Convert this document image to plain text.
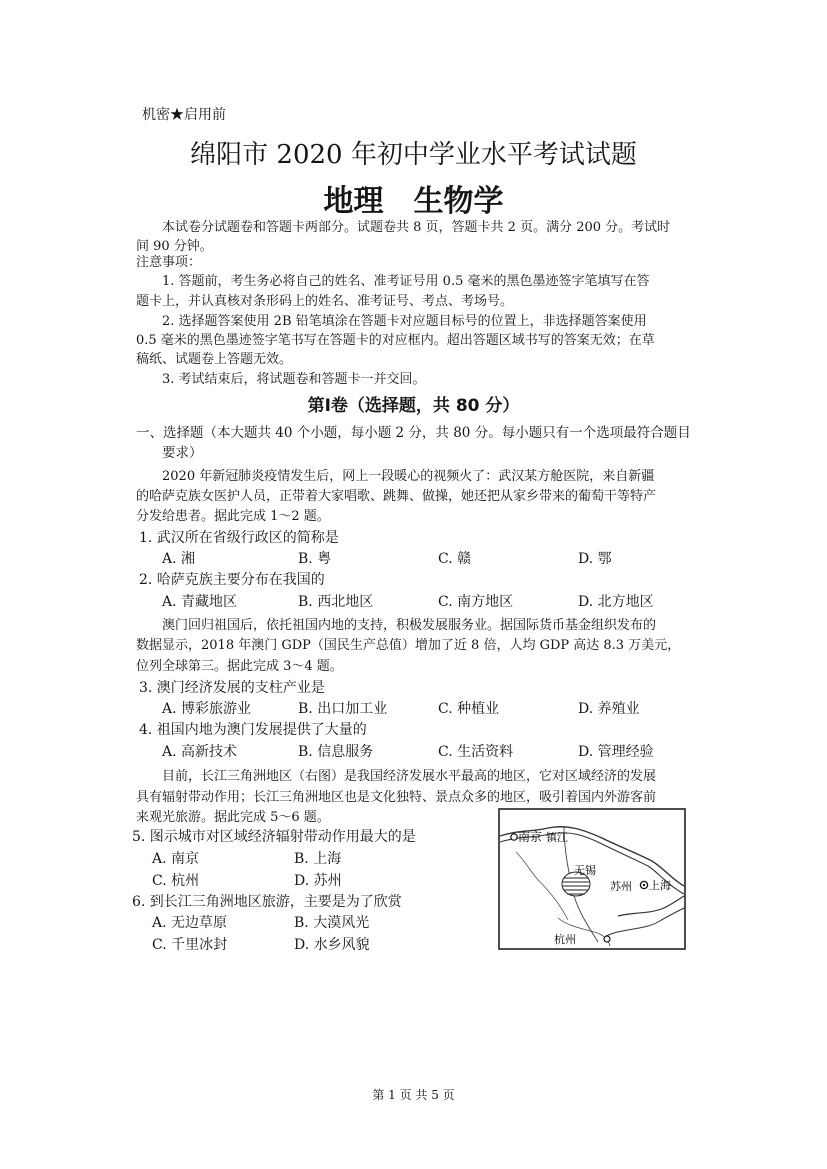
机密★启用前
绵阳市 2020 年初中学业水平考试试题
地理　生物学
本试卷分试题卷和答题卡两部分。试题卷共 8 页，答题卡共 2 页。满分 200 分。考试时
间 90 分钟。
注意事项：
1. 答题前，考生务必将自己的姓名、准考证号用 0.5 毫米的黑色墨迹签字笔填写在答
题卡上，并认真核对条形码上的姓名、准考证号、考点、考场号。
2. 选择题答案使用 2B 铅笔填涂在答题卡对应题目标号的位置上，非选择题答案使用
0.5 毫米的黑色墨迹签字笔书写在答题卡的对应框内。超出答题区域书写的答案无效；在草
稿纸、试题卷上答题无效。
3. 考试结束后，将试题卷和答题卡一并交回。
第Ⅰ卷（选择题，共 80 分）
一、选择题（本大题共 40 个小题，每小题 2 分，共 80 分。每小题只有一个选项最符合题目
要求）
2020 年新冠肺炎疫情发生后，网上一段暖心的视频火了：武汉某方舱医院，来自新疆
的哈萨克族女医护人员，正带着大家唱歌、跳舞、做操，她还把从家乡带来的葡萄干等特产
分发给患者。据此完成 1～2 题。
1. 武汉所在省级行政区的简称是
A. 湘	B. 粤	C. 赣	D. 鄂
2. 哈萨克族主要分布在我国的
A. 青藏地区	B. 西北地区	C. 南方地区	D. 北方地区
澳门回归祖国后，依托祖国内地的支持，积极发展服务业。据国际货币基金组织发布的
数据显示，2018 年澳门 GDP（国民生产总值）增加了近 8 倍，人均 GDP 高达 8.3 万美元，
位列全球第三。据此完成 3～4 题。
3. 澳门经济发展的支柱产业是
A. 博彩旅游业	B. 出口加工业	C. 种植业	D. 养殖业
4. 祖国内地为澳门发展提供了大量的
A. 高新技术	B. 信息服务	C. 生活资料	D. 管理经验
目前，长江三角洲地区（右图）是我国经济发展水平最高的地区，它对区域经济的发展
具有辐射带动作用；长江三角洲地区也是文化独特、景点众多的地区，吸引着国内外游客前
来观光旅游。据此完成 5～6 题。
5. 图示城市对区域经济辐射带动作用最大的是
A. 南京	B. 上海
C. 杭州	D. 苏州
6. 到长江三角洲地区旅游，主要是为了欣赏
A. 无边草原	B. 大漠风光
C. 千里冰封	D. 水乡风貌
南京 镇江
无锡
苏州 上海
杭州
第 1 页 共 5 页
